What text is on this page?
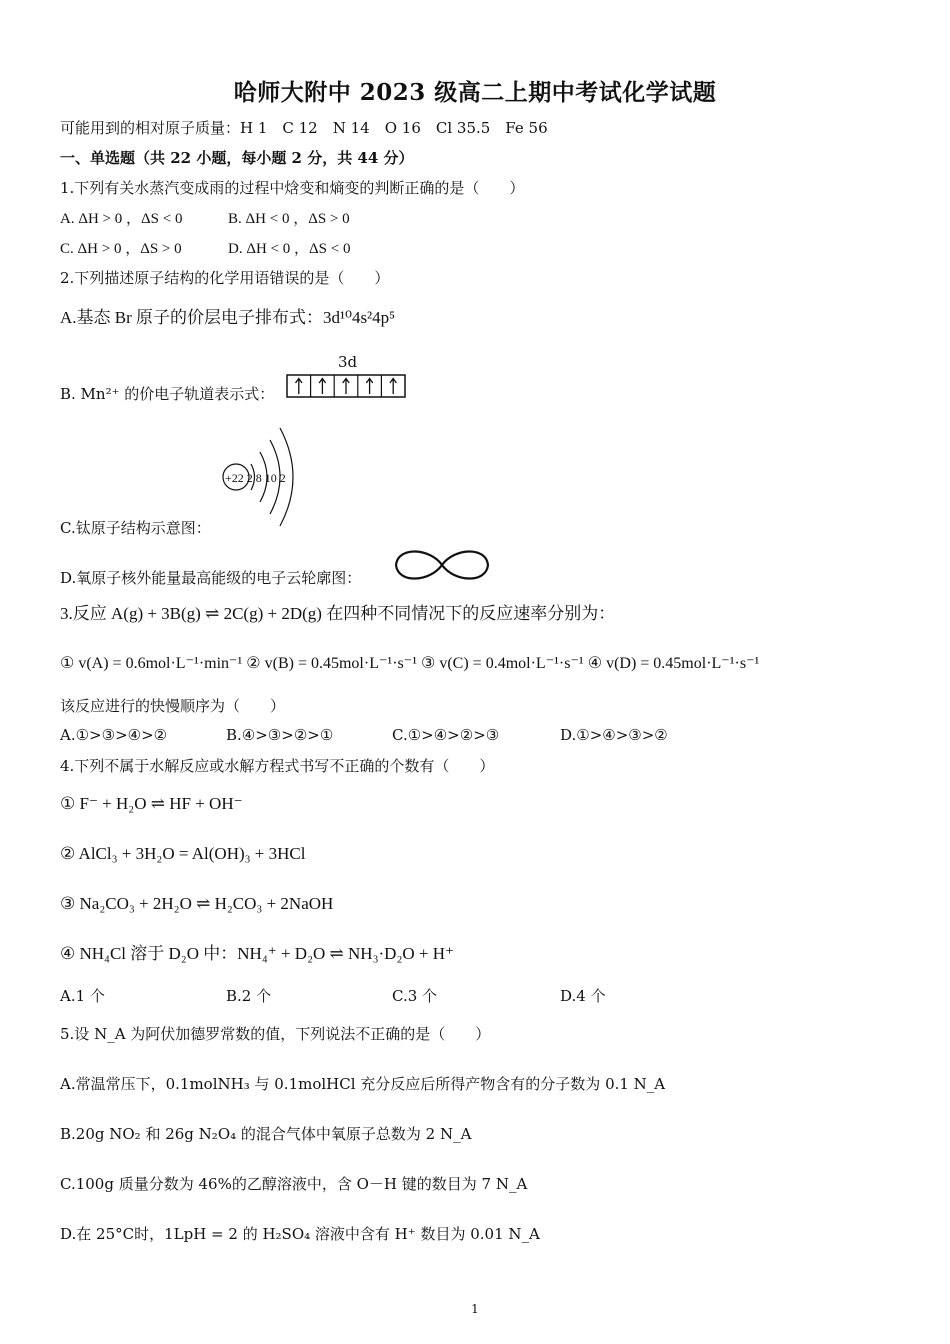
哈师大附中 2023 级高二上期中考试化学试题
可能用到的相对原子质量：H 1　C 12　N 14　O 16　Cl 35.5　Fe 56
一、单选题（共 22 小题，每小题 2 分，共 44 分）
1.下列有关水蒸汽变成雨的过程中焓变和熵变的判断正确的是（　　）
A. ΔH > 0 ，ΔS < 0	B. ΔH < 0 ，ΔS > 0
C. ΔH > 0 ，ΔS > 0	D. ΔH < 0 ，ΔS < 0
2.下列描述原子结构的化学用语错误的是（　　）
A.基态 Br 原子的价层电子排布式：3d¹⁰4s²4p⁵
3d
B. Mn²⁺ 的价电子轨道表示式：
+22 2 8 10 2
C.钛原子结构示意图：
D.氧原子核外能量最高能级的电子云轮廓图：
3.反应 A(g) + 3B(g) ⇌ 2C(g) + 2D(g) 在四种不同情况下的反应速率分别为：
① v(A) = 0.6mol·L⁻¹·min⁻¹ ② v(B) = 0.45mol·L⁻¹·s⁻¹ ③ v(C) = 0.4mol·L⁻¹·s⁻¹ ④ v(D) = 0.45mol·L⁻¹·s⁻¹
该反应进行的快慢顺序为（　　）
A.①>③>④>②	B.④>③>②>①	C.①>④>②>③	D.①>④>③>②
4.下列不属于水解反应或水解方程式书写不正确的个数有（　　）
① F⁻ + H₂O ⇌ HF + OH⁻
② AlCl₃ + 3H₂O = Al(OH)₃ + 3HCl
③ Na₂CO₃ + 2H₂O ⇌ H₂CO₃ + 2NaOH
④ NH₄Cl 溶于 D₂O 中：NH₄⁺ + D₂O ⇌ NH₃·D₂O + H⁺
A.1 个	B.2 个	C.3 个	D.4 个
5.设 N_A 为阿伏加德罗常数的值，下列说法不正确的是（　　）
A.常温常压下，0.1molNH₃ 与 0.1molHCl 充分反应后所得产物含有的分子数为 0.1 N_A
B.20g NO₂ 和 26g N₂O₄ 的混合气体中氧原子总数为 2 N_A
C.100g 质量分数为 46%的乙醇溶液中，含 O－H 键的数目为 7 N_A
D.在 25°C时，1LpH = 2 的 H₂SO₄ 溶液中含有 H⁺ 数目为 0.01 N_A
1
